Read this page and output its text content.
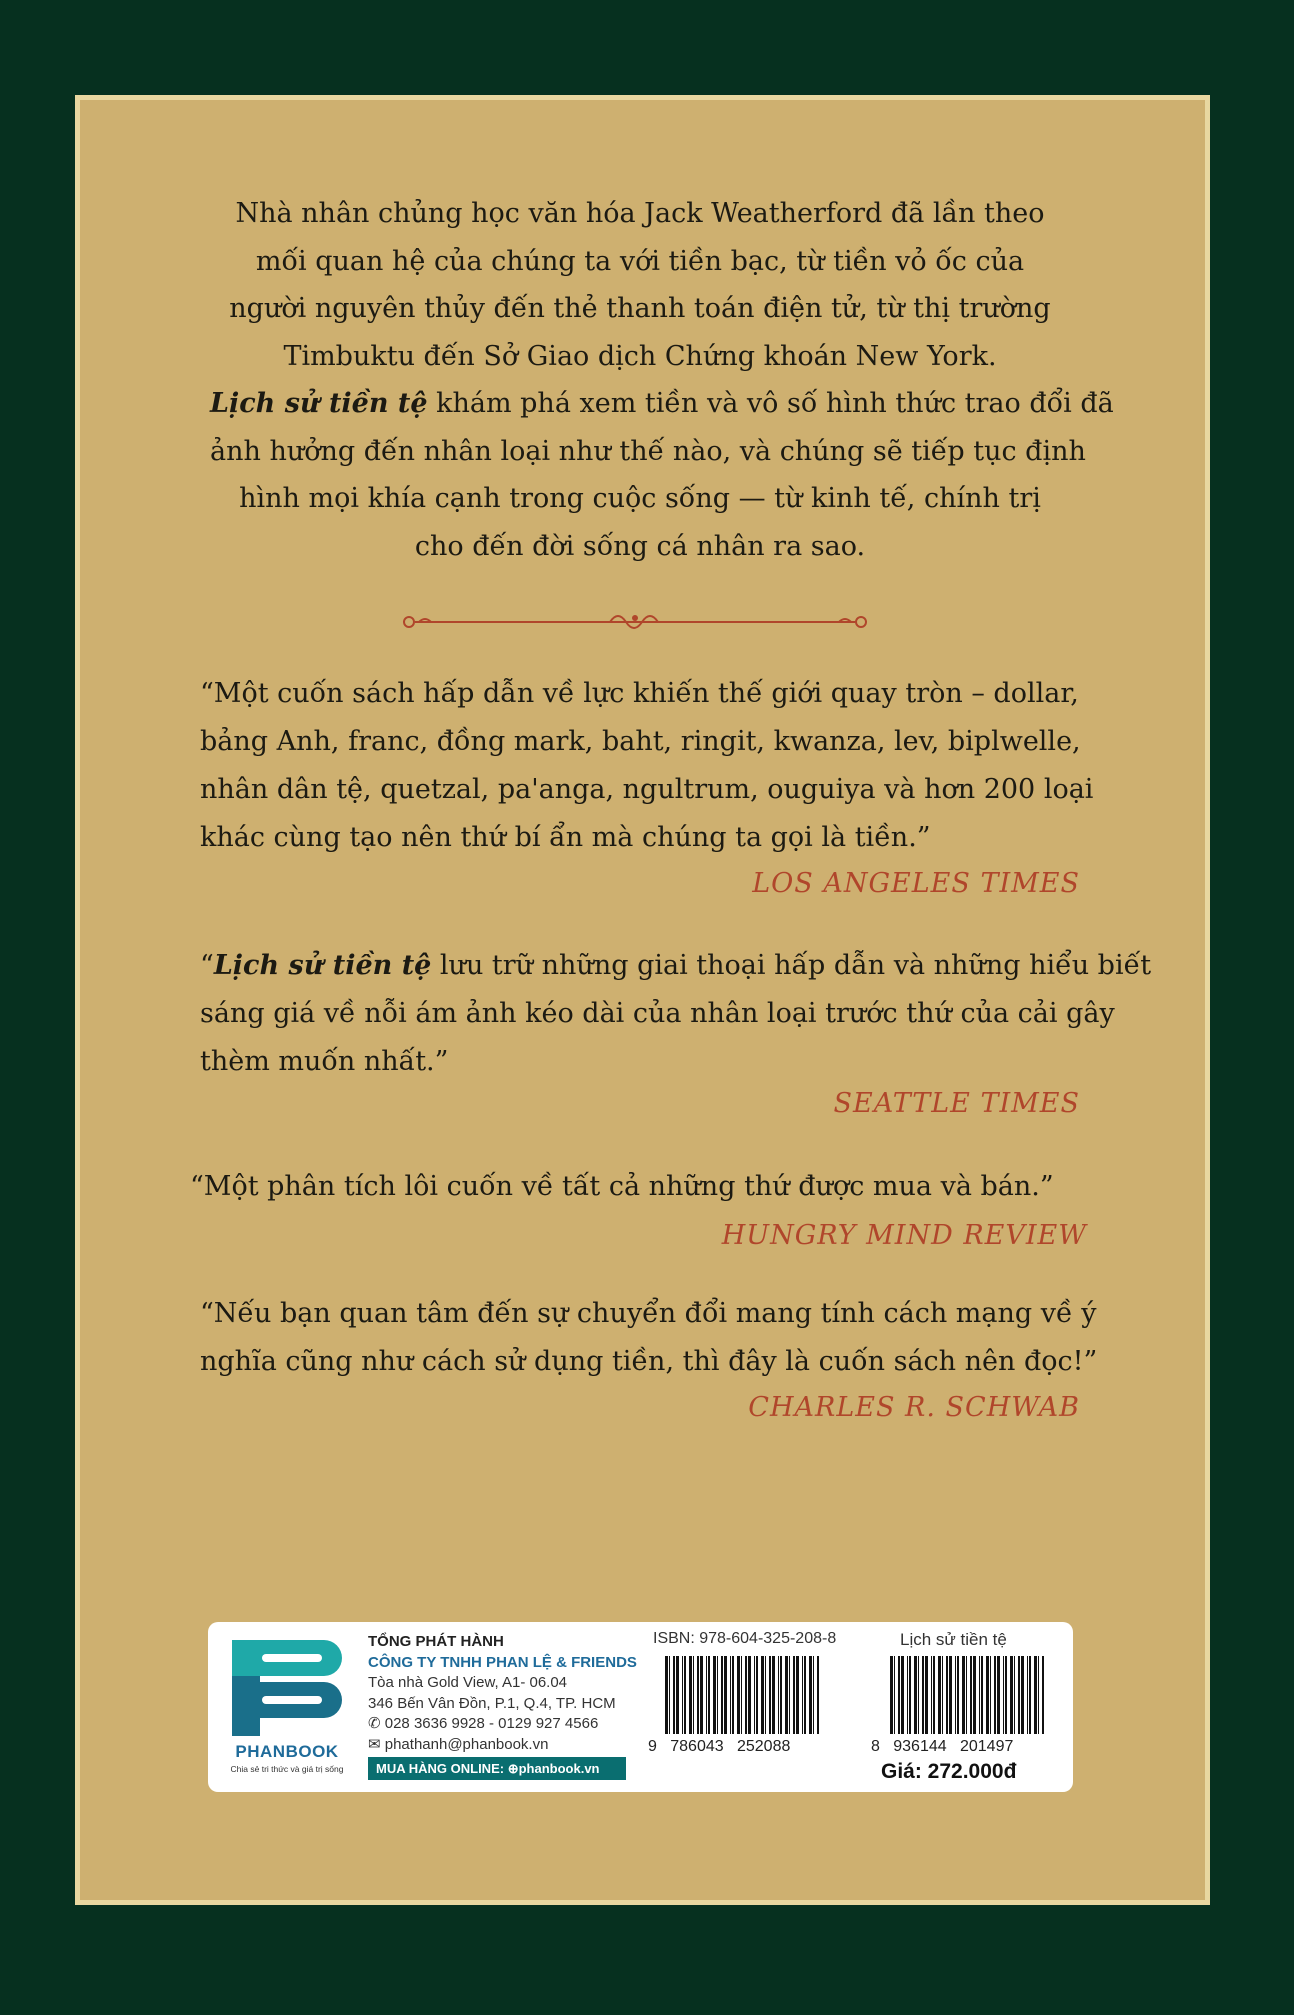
Nhà nhân chủng học văn hóa Jack Weatherford đã lần theo
mối quan hệ của chúng ta với tiền bạc, từ tiền vỏ ốc của
người nguyên thủy đến thẻ thanh toán điện tử, từ thị trường
Timbuktu đến Sở Giao dịch Chứng khoán New York.
Lịch sử tiền tệ khám phá xem tiền và vô số hình thức trao đổi đã
ảnh hưởng đến nhân loại như thế nào, và chúng sẽ tiếp tục định
hình mọi khía cạnh trong cuộc sống — từ kinh tế, chính trị
cho đến đời sống cá nhân ra sao.
“Một cuốn sách hấp dẫn về lực khiến thế giới quay tròn – dollar,
bảng Anh, franc, đồng mark, baht, ringit, kwanza, lev, biplwelle,
nhân dân tệ, quetzal, pa'anga, ngultrum, ouguiya và hơn 200 loại
khác cùng tạo nên thứ bí ẩn mà chúng ta gọi là tiền.”
LOS ANGELES TIMES
“Lịch sử tiền tệ lưu trữ những giai thoại hấp dẫn và những hiểu biết
sáng giá về nỗi ám ảnh kéo dài của nhân loại trước thứ của cải gây
thèm muốn nhất.”
SEATTLE TIMES
“Một phân tích lôi cuốn về tất cả những thứ được mua và bán.”
HUNGRY MIND REVIEW
“Nếu bạn quan tâm đến sự chuyển đổi mang tính cách mạng về ý
nghĩa cũng như cách sử dụng tiền, thì đây là cuốn sách nên đọc!”
CHARLES R. SCHWAB
PHANBOOK
Chia sẻ tri thức và giá trị sống
TỔNG PHÁT HÀNH
CÔNG TY TNHH PHAN LỆ & FRIENDS
Tòa nhà Gold View, A1- 06.04
346 Bến Vân Đồn, P.1, Q.4, TP. HCM
✆ 028 3636 9928 - 0129 927 4566
✉ phathanh@phanbook.vn
MUA HÀNG ONLINE: ⊕phanbook.vn
ISBN: 978-604-325-208-8	Lịch sử tiền tệ
9 786043 252088	8 936144 201497
Giá: 272.000đ
